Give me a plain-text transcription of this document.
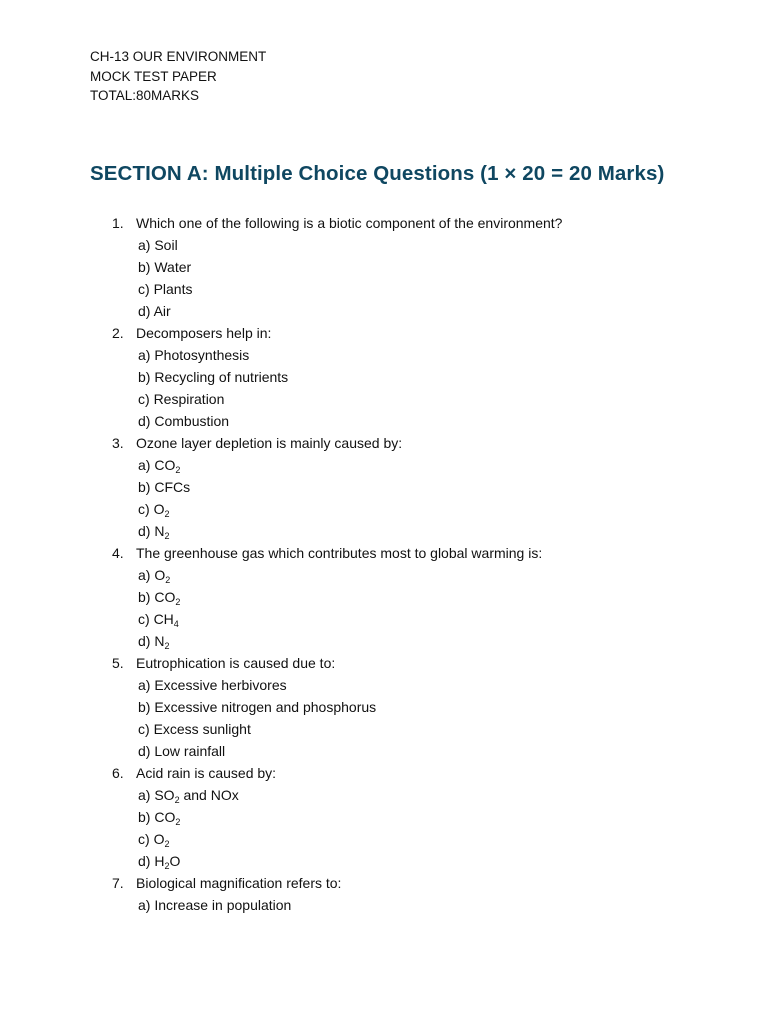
CH-13 OUR ENVIRONMENT
MOCK TEST PAPER
TOTAL:80MARKS
SECTION A: Multiple Choice Questions (1 × 20 = 20 Marks)
1. Which one of the following is a biotic component of the environment?
a) Soil
b) Water
c) Plants
d) Air
2. Decomposers help in:
a) Photosynthesis
b) Recycling of nutrients
c) Respiration
d) Combustion
3. Ozone layer depletion is mainly caused by:
a) $CO_2$
b) CFCs
c) $O_2$
d) $N_2$
4. The greenhouse gas which contributes most to global warming is:
a) $O_2$
b) $CO_2$
c) $CH_4$
d) $N_2$
5. Eutrophication is caused due to:
a) Excessive herbivores
b) Excessive nitrogen and phosphorus
c) Excess sunlight
d) Low rainfall
6. Acid rain is caused by:
a) $SO_2$ and NOx
b) $CO_2$
c) $O_2$
d) $H_2O$
7. Biological magnification refers to:
a) Increase in population
